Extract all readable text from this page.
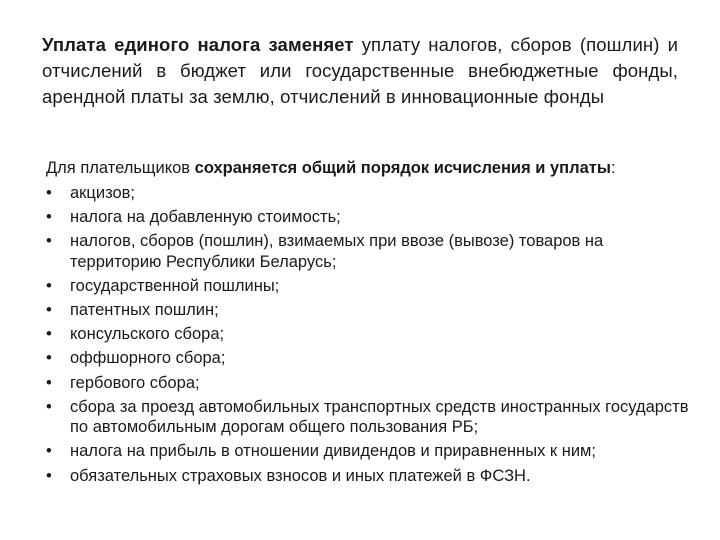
Уплата единого налога заменяет уплату налогов, сборов (пошлин) и отчислений в бюджет или государственные внебюджетные фонды, арендной платы за землю, отчислений в инновационные фонды

Для плательщиков сохраняется общий порядок исчисления и уплаты:

•	акцизов;
•	налога на добавленную стоимость;
•	налогов, сборов (пошлин), взимаемых при ввозе (вывозе) товаров на территорию Республики Беларусь;
•	государственной пошлины;
•	патентных пошлин;
•	консульского сбора;
•	оффшорного сбора;
•	гербового сбора;
•	сбора за проезд автомобильных транспортных средств иностранных государств по автомобильным дорогам общего пользования РБ;
•	налога на прибыль в отношении дивидендов и приравненных к ним;
•	обязательных страховых взносов и иных платежей в ФСЗН.
